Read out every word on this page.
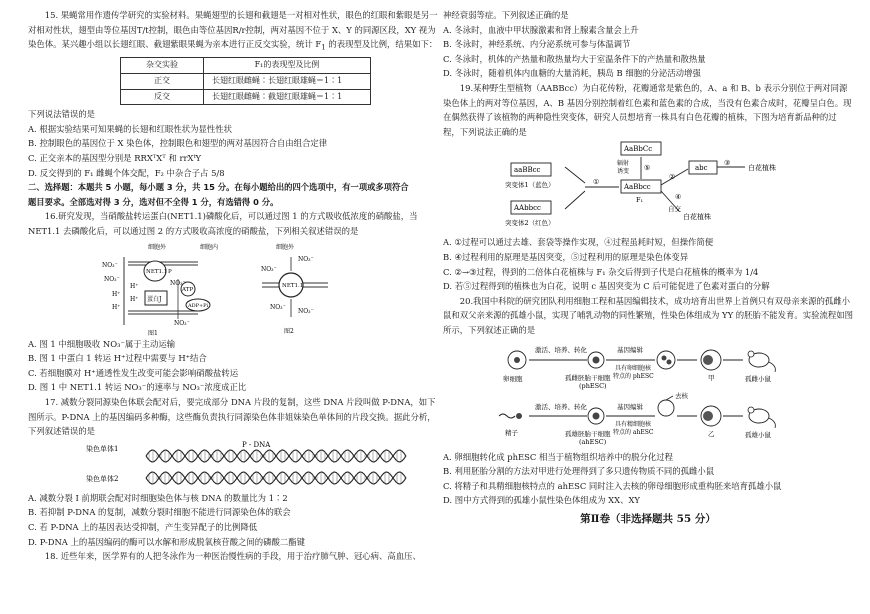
15. 果蝇常用作遗传学研究的实验材料。果蝇翅型的长翅和截翅是一对相对性状，眼色的红眼和紫眼是另一对相对性状，翅型由等位基因T/t控制，眼色由等位基因R/r控制，两对基因不位于 X、Y 的同源区段，XY 视为染色体。某兴趣小组以长翅红眼、截翅紫眼果蝇为亲本进行正反交实验，统计 $F_1$ 的表现型及比例，结果如下：

杂交实验	F₁的表现型及比例
正交	长翅红眼雌蝇∶长翅红眼雄蝇＝1∶1
反交	长翅红眼雌蝇∶截翅红眼雄蝇＝1∶1

下列说法错误的是

A. 根据实验结果可知果蝇的长翅和红眼性状为显性性状

B. 控制眼色的基因位于 X 染色体，控制眼色和翅型的两对基因符合自由组合定律

C. 正交亲本的基因型分别是 RRXᵀXᵀ 和 rrXᵗY

D. 反交得到的 F₁ 雌蝇个体交配，F₂ 中杂合子占 5/8

二、选择题：本题共 5 小题，每小题 3 分，共 15 分。在每小题给出的四个选项中，有一项或多项符合

题目要求。全部选对得 3 分，选对但不全得 1 分，有选错得 0 分。

16.研究发现，当硝酸盐转运蛋白(NET1.1)磷酸化后，可以通过图 1 的方式吸收低浓度的硝酸盐，当 NET1.1 去磷酸化后，可以通过图 2 的方式吸收高浓度的硝酸盐，下列相关叙述错误的是

细胞外	细胞内
NET1.1
蛋白J
ATP
ADP+Pi
P
NO₃⁻
NO₃⁻
H⁺
H⁺
NO₃⁻
H⁺
H⁺
NO₃⁻
图1
细胞外
NET1.1
NO₃⁻
NO₃⁻
NO₃⁻
NO₃⁻
图2

A. 图 1 中细胞吸收 NO₃⁻属于主动运输

B. 图 1 中蛋白 1 转运 H⁺过程中需要与 H⁺结合

C. 若细胞膜对 H⁺通透性发生改变可能会影响硝酸盐转运

D. 图 1 中 NET1.1 转运 NO₃⁻的速率与 NO₃⁻浓度成正比

17. 减数分裂同源染色体联会配对后，要完成部分 DNA 片段的复制，这些 DNA 片段叫做 P-DNA，如下图所示。P-DNA 上的基因编码多种酶，这些酶负责执行同源染色体非姐妹染色单体间的片段交换。据此分析，下列叙述错误的是

染色单体1
染色单体2
P - DNA

A. 减数分裂 I 前期联会配对时细胞染色体与核 DNA 的数量比为 1∶2

B. 若抑制 P-DNA 的复制，减数分裂时细胞不能进行同源染色体的联会

C. 若 P-DNA 上的基因表达受抑制，产生变异配子的比例降低

D. P-DNA 上的基因编码的酶可以水解和形成脱氧核苷酸之间的磷酸二酯键

18. 近些年来，医学界有的人把冬泳作为一种医治慢性病的手段，用于治疗肺气肿、冠心病、高血压、

神经衰弱等症。下列叙述正确的是

A. 冬泳时，血液中甲状腺激素和肾上腺素含量会上升

B. 冬泳时，神经系统、内分泌系统可参与体温调节

C. 冬泳时，机体的产热量和散热量均大于室温条件下的产热量和散热量

D. 冬泳时，随着机体内血糖的大量消耗，胰岛 B 细胞的分泌活动增强

19.某种野生型植物（AABBcc）为白花传粉，花瓣通常是紫色的，A、a 和 B、b 表示分别位于两对同源染色体上的两对等位基因，A、B 基因分别控制着红色素和蓝色素的合成，当没有色素合成时，花瓣呈白色。现在偶然获得了该植物的两种隐性突变体，研究人员想培育一株具有白色花瓣的植株，下图为培育新品种的过程，下列说法正确的是

aaBBcc
突变体1（蓝色）
AAbbcc
突变体2（红色）
①
AaBbcc
F₁
AaBbCc
辐射
诱变 ⑤
②
abc
③
白花植株
自交
④
白花植株

A. ①过程可以通过去雄、套袋等操作实现，④过程虽耗时短，但操作简便

B. ④过程利用的原理是基因突变，⑤过程利用的原理是染色体变异

C. ②→③过程，得到的二倍体白花植株与 F₁ 杂交后得到子代是白花植株的概率为 1/4

D. 若⑤过程得到的植株也为白花，说明 c 基因突变为 C 后可能促进了色素对蛋白的分解

20.我国中科院的研究团队利用细胞工程和基因编辑技术，成功培育出世界上首例只有双母亲来源的孤雌小鼠和双父亲来源的孤雄小鼠，实现了哺乳动物的同性繁殖，性染色体组成为 YY 的胚胎不能发育。实验流程如图所示，下列叙述正确的是

卵细胞
激活、培养、转化
孤雌胚胎干细胞
(phESC)
基因编辑
具有卵细胞核
特点的 phESC	甲	孤雌小鼠
精子
激活、培养、转化
孤雄胚胎干细胞
(ahESC)
基因编辑
具有精细胞核
特点的 ahESC
去核
乙	孤雄小鼠

A. 卵细胞转化成 phESC 相当于植物组织培养中的脱分化过程

B. 利用胚胎分割的方法对甲进行处理得到了多只遗传物质不同的孤雌小鼠

C. 将精子和具精细胞核特点的 ahESC 同时注入去核的卵母细胞形成重构胚来培育孤雄小鼠

D. 图中方式得到的孤雄小鼠性染色体组成为 XX、XY

第Ⅱ卷（非选择题共 55 分）
